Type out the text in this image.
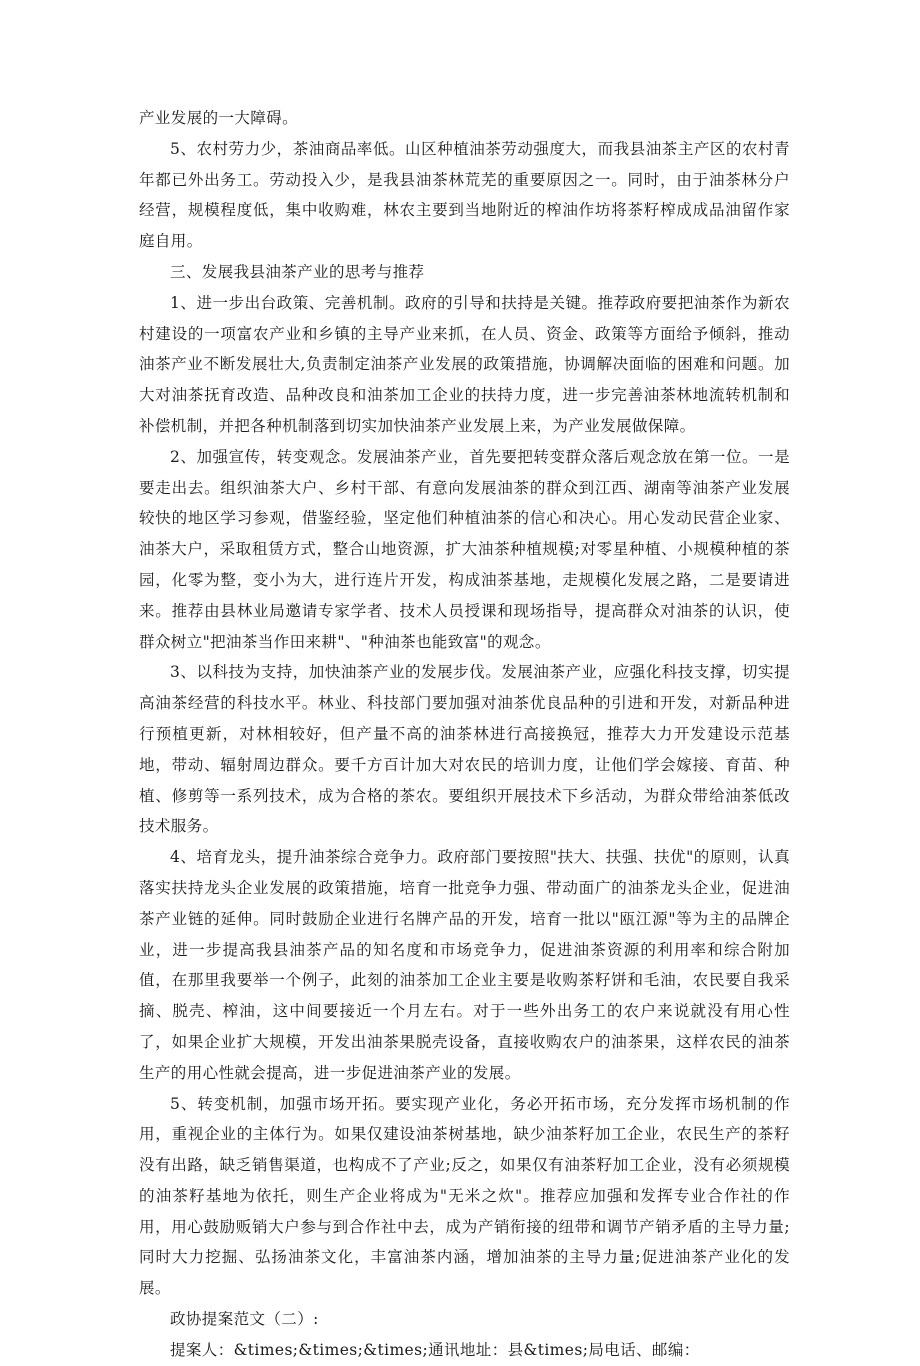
产业发展的一大障碍。

5、农村劳力少，茶油商品率低。山区种植油茶劳动强度大，而我县油茶主产区的农村青年都已外出务工。劳动投入少，是我县油茶林荒芜的重要原因之一。同时，由于油茶林分户经营，规模程度低，集中收购难，林农主要到当地附近的榨油作坊将茶籽榨成成品油留作家庭自用。

三、发展我县油茶产业的思考与推荐

1、进一步出台政策、完善机制。政府的引导和扶持是关键。推荐政府要把油茶作为新农村建设的一项富农产业和乡镇的主导产业来抓，在人员、资金、政策等方面给予倾斜，推动油茶产业不断发展壮大,负责制定油茶产业发展的政策措施，协调解决面临的困难和问题。加大对油茶抚育改造、品种改良和油茶加工企业的扶持力度，进一步完善油茶林地流转机制和补偿机制，并把各种机制落到切实加快油茶产业发展上来，为产业发展做保障。

2、加强宣传，转变观念。发展油茶产业，首先要把转变群众落后观念放在第一位。一是要走出去。组织油茶大户、乡村干部、有意向发展油茶的群众到江西、湖南等油茶产业发展较快的地区学习参观，借鉴经验，坚定他们种植油茶的信心和决心。用心发动民营企业家、油茶大户，采取租赁方式，整合山地资源，扩大油茶种植规模;对零星种植、小规模种植的茶园，化零为整，变小为大，进行连片开发，构成油茶基地，走规模化发展之路，二是要请进来。推荐由县林业局邀请专家学者、技术人员授课和现场指导，提高群众对油茶的认识，使群众树立"把油茶当作田来耕"、"种油茶也能致富"的观念。

3、以科技为支持，加快油茶产业的发展步伐。发展油茶产业，应强化科技支撑，切实提高油茶经营的科技水平。林业、科技部门要加强对油茶优良品种的引进和开发，对新品种进行预植更新，对林相较好，但产量不高的油茶林进行高接换冠，推荐大力开发建设示范基地，带动、辐射周边群众。要千方百计加大对农民的培训力度，让他们学会嫁接、育苗、种植、修剪等一系列技术，成为合格的茶农。要组织开展技术下乡活动，为群众带给油茶低改技术服务。

4、培育龙头，提升油茶综合竞争力。政府部门要按照"扶大、扶强、扶优"的原则，认真落实扶持龙头企业发展的政策措施，培育一批竞争力强、带动面广的油茶龙头企业，促进油茶产业链的延伸。同时鼓励企业进行名牌产品的开发，培育一批以"瓯江源"等为主的品牌企业，进一步提高我县油茶产品的知名度和市场竞争力，促进油茶资源的利用率和综合附加值，在那里我要举一个例子，此刻的油茶加工企业主要是收购茶籽饼和毛油，农民要自我采摘、脱壳、榨油，这中间要接近一个月左右。对于一些外出务工的农户来说就没有用心性了，如果企业扩大规模，开发出油茶果脱壳设备，直接收购农户的油茶果，这样农民的油茶生产的用心性就会提高，进一步促进油茶产业的发展。

5、转变机制，加强市场开拓。要实现产业化，务必开拓市场，充分发挥市场机制的作用，重视企业的主体行为。如果仅建设油茶树基地，缺少油茶籽加工企业，农民生产的茶籽没有出路，缺乏销售渠道，也构成不了产业;反之，如果仅有油茶籽加工企业，没有必须规模的油茶籽基地为依托，则生产企业将成为"无米之炊"。推荐应加强和发挥专业合作社的作用，用心鼓励贩销大户参与到合作社中去，成为产销衔接的纽带和调节产销矛盾的主导力量;同时大力挖掘、弘扬油茶文化，丰富油茶内涵，增加油茶的主导力量;促进油茶产业化的发展。

政协提案范文（二）:

提案人：&times;&times;&times;通讯地址：县&times;局电话、邮编：
